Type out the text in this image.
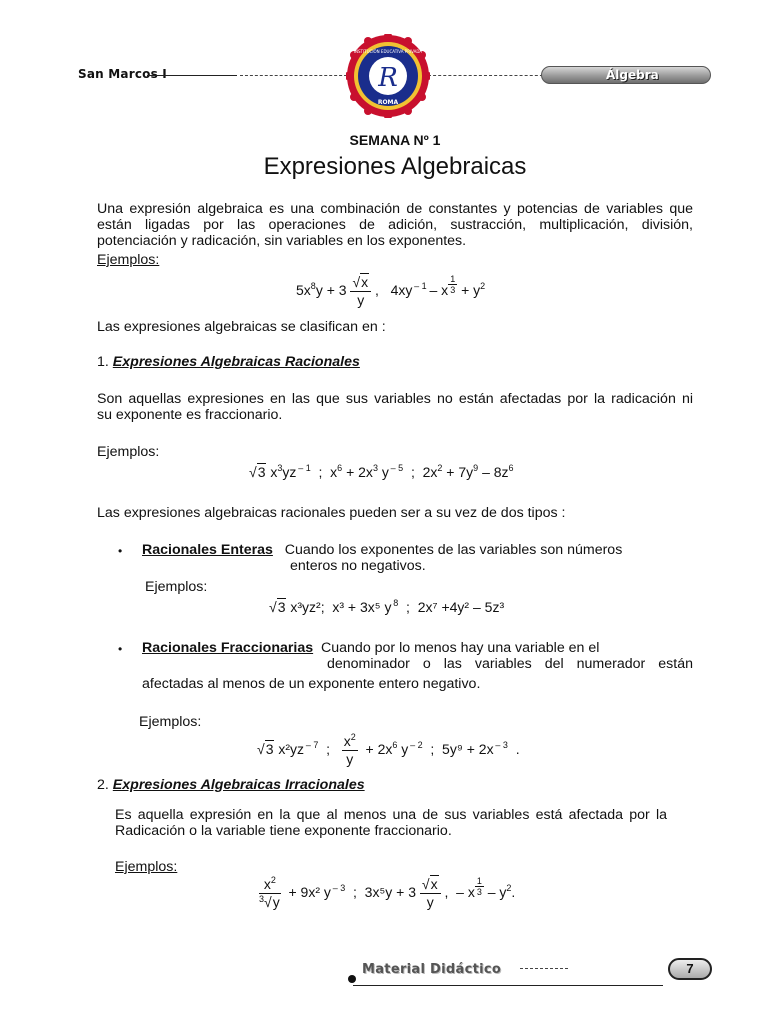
San Marcos I	Álgebra
R
ROMA
INSTITUCIÓN EDUCATIVA PRIVADA
SEMANA Nº 1
Expresiones Algebraicas
Una expresión algebraica es una combinación de constantes y potencias de variables que
están ligadas por las operaciones de adición, sustracción, multiplicación, división,
potenciación y radicación, sin variables en los exponentes.
Ejemplos:
$5x^8y + 3 \frac{√x}{y}$ ,   4xy $^{- 1}$ – x $^{\frac{1}{3}} + y^2$
Las expresiones algebraicas se clasifican en :
1. Expresiones Algebraicas Racionales
Son aquellas expresiones en las que sus variables no están afectadas por la radicación ni
su exponente es fraccionario.
Ejemplos:
√3 $x^3yz$ $^{- 1}$  ;  $x^6 + 2x^3$ y $^{- 5}$  ;  $2x^2 + 7y^9 - 8z^6$
Las expresiones algebraicas racionales pueden ser a su vez de dos tipos :
• Racionales Enteras Cuando los exponentes de las variables son números
enteros no negativos.
Ejemplos:
√3 x³yz²;  x³ + 3x⁵ y $^8$  ;  2x⁷ +4y² – 5z³
• Racionales Fraccionarias Cuando por lo menos hay una variable en el
denominador o las variables del numerador están
afectadas al menos de un exponente entero negativo.
Ejemplos:
√3 x²yz $^{- 7}$  ; $\frac{x^2}{y} + 2x^6$ y $^{- 2}$  ;  5y⁹ + 2x $^{- 3}$  .
2. Expresiones Algebraicas Irracionales
Es aquella expresión en la que al menos una de sus variables está afectada por la
Radicación o la variable tiene exponente fraccionario.
Ejemplos:
$\frac{x^2}{^3√y} + 9x^2$ y $^{- 3}$  ;  $3x^5y + 3 \frac{√x}{y}$ ,  – x $^{\frac{1}{3}} - y^2$.
Material Didáctico	7
